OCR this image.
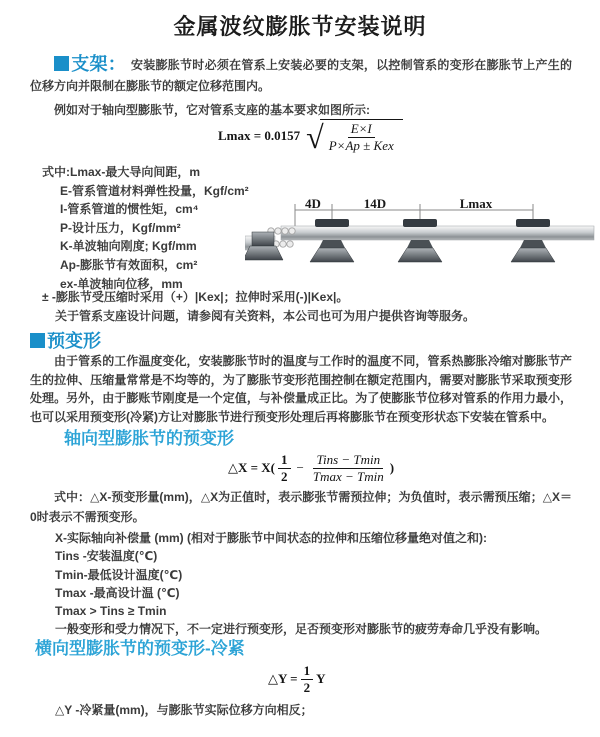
金属波纹膨胀节安装说明
支架： 安装膨胀节时必须在管系上安装必要的支架，以控制管系的变形在膨胀节上产生的位移方向并限制在膨胀节的额定位移范围内。
例如对于轴向型膨胀节，它对管系支座的基本要求如图所示:
Lmax = 0.0157 √ $\frac{E\times I}{\text{P×Ap ± Kex}}$
式中:Lmax-最大导向间距，m
E-管系管道材料弹性投量，Kgf/cm²
I-管系管道的惯性矩，cm⁴
P-设计压力，Kgf/mm²
K-单波轴向刚度; Kgf/mm
Ap-膨胀节有效面积，cm²
ex-单波轴向位移，mm
± -膨胀节受压缩时采用（+）|Kex|；拉伸时采用(-)|Kex|。
关于管系支座设计问题，请参阅有关资料，本公司也可为用户提供咨询等服务。
4D	14D	Lmax
预变形
由于管系的工作温度变化，安装膨胀节时的温度与工作时的温度不同，管系热膨胀冷缩对膨胀节产生的拉伸、压缩量常常是不均等的，为了膨胀节变形范围控制在额定范围内，需要对膨胀节采取预变形处理。另外，由于膨账节刚度是一个定值，与补偿量成正比。为了使膨胀节位移对管系的作用力最小，也可以采用预变形(冷紧)方让对膨胀节进行预变形处理后再将膨胀节在预变形状态下安装在管系中。
轴向型膨胀节的预变形
△X = $X( \frac{1}{2} - \frac{\text{Tins − Tmin}}{Tmax - Tmin}$ )
式中：△X-预变形量(mm)，△X为正值时，表示膨张节需预拉伸；为负值时，表示需预压缩；△X＝0时表示不需预变形。
X-实际轴向补偿量 (mm) (相对于膨胀节中间状态的拉伸和压缩位移量绝对值之和):
Tins -安装温度(℃)
Tmin-最低设计温度(℃)
Tmax -最高设计温 (℃)
Tmax > Tins ≥ Tmin
一般变形和受力情况下，不一定进行预变形，足否预变形对膨胀节的疲劳寿命几乎没有影响。
横向型膨胀节的预变形-冷紧
△Y = $\frac{1}{2}$ Y
△Y -冷紧量(mm)，与膨胀节实际位移方向相反；
